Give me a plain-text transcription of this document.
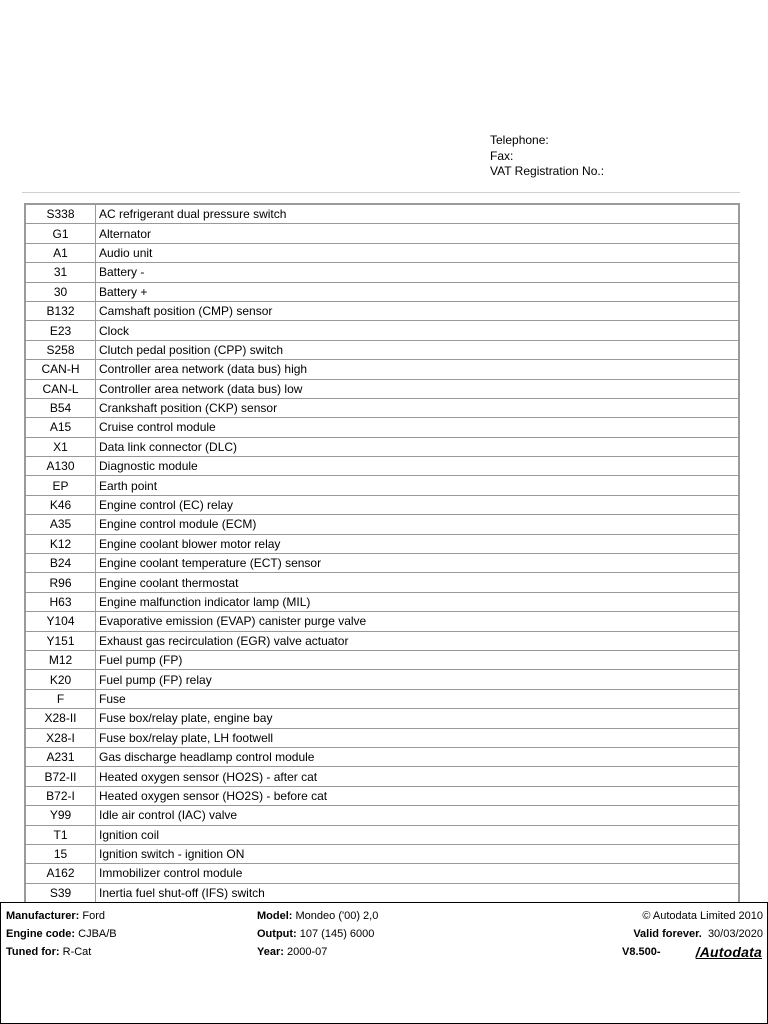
Telephone:
Fax:
VAT Registration No.:
S338	AC refrigerant dual pressure switch
G1	Alternator
A1	Audio unit
31	Battery -
30	Battery +
B132	Camshaft position (CMP) sensor
E23	Clock
S258	Clutch pedal position (CPP) switch
CAN-H	Controller area network (data bus) high
CAN-L	Controller area network (data bus) low
B54	Crankshaft position (CKP) sensor
A15	Cruise control module
X1	Data link connector (DLC)
A130	Diagnostic module
EP	Earth point
K46	Engine control (EC) relay
A35	Engine control module (ECM)
K12	Engine coolant blower motor relay
B24	Engine coolant temperature (ECT) sensor
R96	Engine coolant thermostat
H63	Engine malfunction indicator lamp (MIL)
Y104	Evaporative emission (EVAP) canister purge valve
Y151	Exhaust gas recirculation (EGR) valve actuator
M12	Fuel pump (FP)
K20	Fuel pump (FP) relay
F	Fuse
X28-II	Fuse box/relay plate, engine bay
X28-I	Fuse box/relay plate, LH footwell
A231	Gas discharge headlamp control module
B72-II	Heated oxygen sensor (HO2S) - after cat
B72-I	Heated oxygen sensor (HO2S) - before cat
Y99	Idle air control (IAC) valve
T1	Ignition coil
15	Ignition switch - ignition ON
A162	Immobilizer control module
S39	Inertia fuel shut-off (IFS) switch
Manufacturer: Ford
Engine code: CJBA/B
Tuned for: R-Cat
Model: Mondeo ('00) 2,0
Output: 107 (145) 6000
Year: 2000-07
© Autodata Limited 2010
Valid forever. 30/03/2020
V8.500-	/Autodata
